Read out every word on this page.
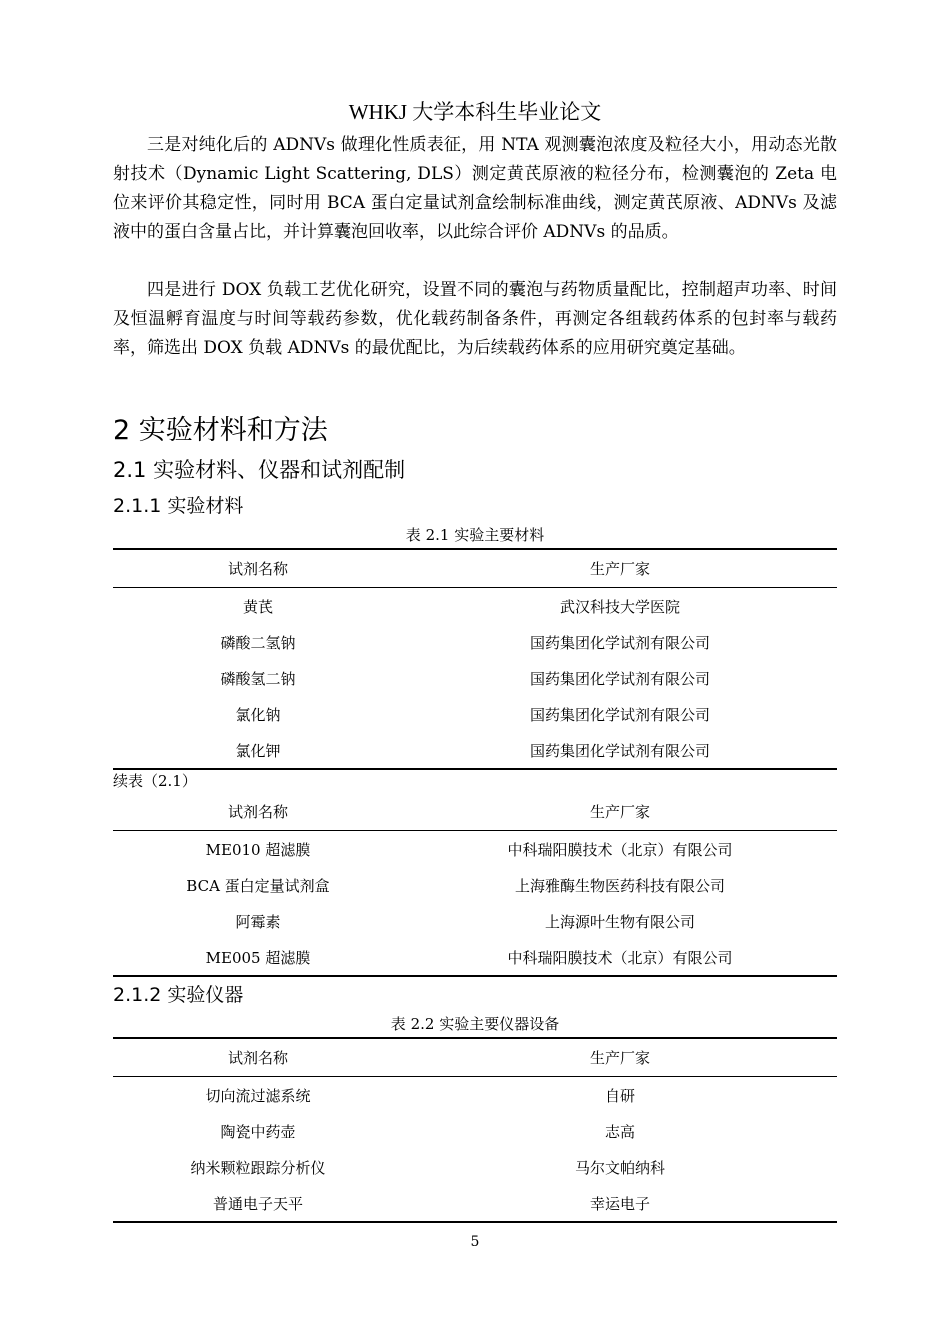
WHKJ 大学本科生毕业论文

三是对纯化后的 ADNVs 做理化性质表征，用 NTA 观测囊泡浓度及粒径大小，用动态光散射技术（Dynamic Light Scattering, DLS）测定黄芪原液的粒径分布，检测囊泡的 Zeta 电位来评价其稳定性，同时用 BCA 蛋白定量试剂盒绘制标准曲线，测定黄芪原液、ADNVs 及滤液中的蛋白含量占比，并计算囊泡回收率，以此综合评价 ADNVs 的品质。

四是进行 DOX 负载工艺优化研究，设置不同的囊泡与药物质量配比，控制超声功率、时间及恒温孵育温度与时间等载药参数，优化载药制备条件，再测定各组载药体系的包封率与载药率，筛选出 DOX 负载 ADNVs 的最优配比，为后续载药体系的应用研究奠定基础。

2 实验材料和方法
2.1 实验材料、仪器和试剂配制
2.1.1 实验材料
表 2.1 实验主要材料
试剂名称	生产厂家
黄芪	武汉科技大学医院
磷酸二氢钠	国药集团化学试剂有限公司
磷酸氢二钠	国药集团化学试剂有限公司
氯化钠	国药集团化学试剂有限公司
氯化钾	国药集团化学试剂有限公司
续表（2.1）
试剂名称	生产厂家
ME010 超滤膜	中科瑞阳膜技术（北京）有限公司
BCA 蛋白定量试剂盒	上海雅酶生物医药科技有限公司
阿霉素	上海源叶生物有限公司
ME005 超滤膜	中科瑞阳膜技术（北京）有限公司
2.1.2 实验仪器
表 2.2 实验主要仪器设备
试剂名称	生产厂家
切向流过滤系统	自研
陶瓷中药壶	志高
纳米颗粒跟踪分析仪	马尔文帕纳科
普通电子天平	幸运电子
5
